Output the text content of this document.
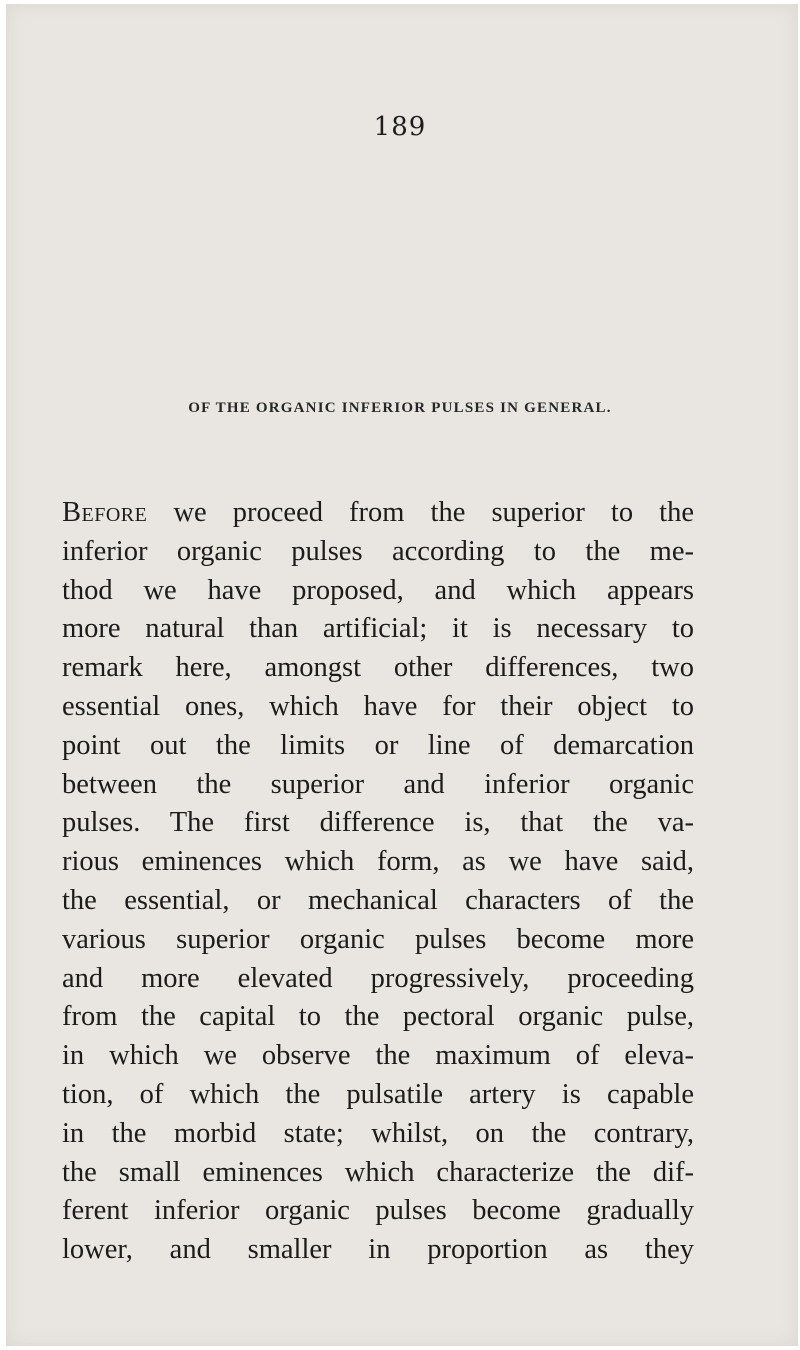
189

OF THE ORGANIC INFERIOR PULSES IN GENERAL.
Before we proceed from the superior to the
inferior organic pulses according to the me-
thod we have proposed, and which appears
more natural than artificial; it is necessary to
remark here, amongst other differences, two
essential ones, which have for their object to
point out the limits or line of demarcation
between the superior and inferior organic
pulses. The first difference is, that the va-
rious eminences which form, as we have said,
the essential, or mechanical characters of the
various superior organic pulses become more
and more elevated progressively, proceeding
from the capital to the pectoral organic pulse,
in which we observe the maximum of eleva-
tion, of which the pulsatile artery is capable
in the morbid state; whilst, on the contrary,
the small eminences which characterize the dif-
ferent inferior organic pulses become gradually
lower, and smaller in proportion as they
